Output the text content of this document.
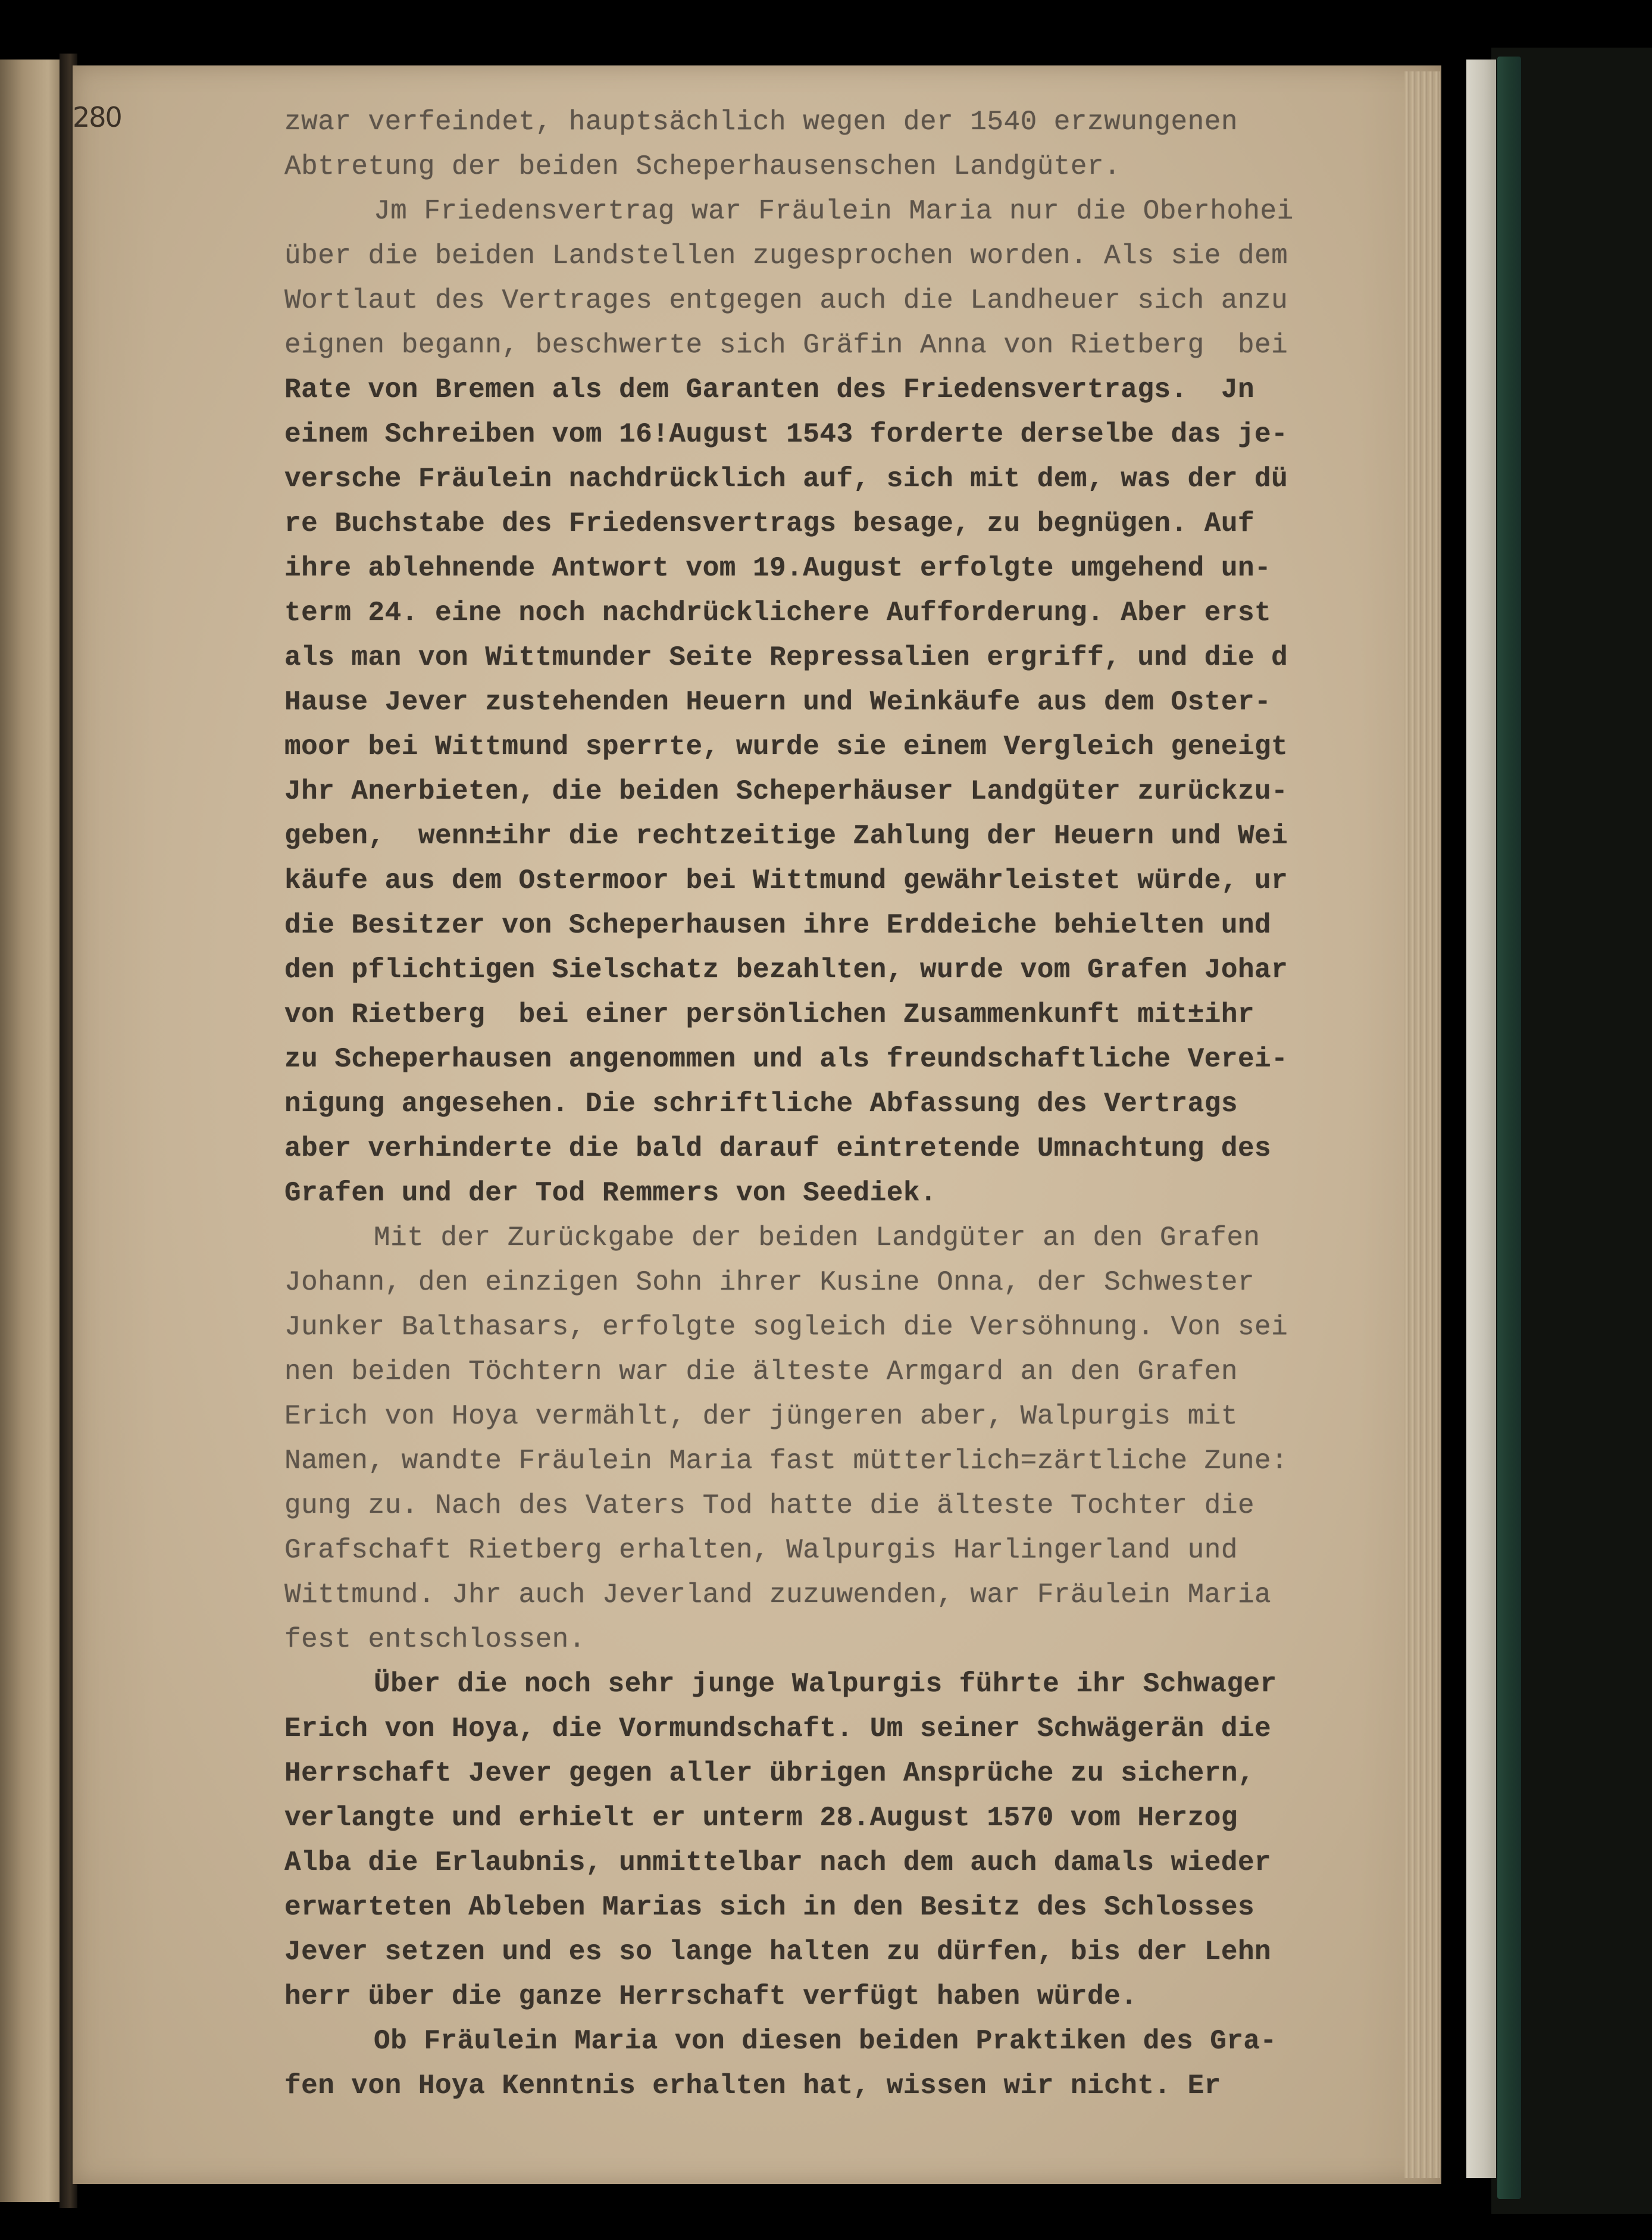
280	zwar verfeindet, hauptsächlich wegen der 1540 erzwungenen
Abtretung der beiden Scheperhausenschen Landgüter.
Jm Friedensvertrag war Fräulein Maria nur die Oberhohei
über die beiden Landstellen zugesprochen worden. Als sie dem
Wortlaut des Vertrages entgegen auch die Landheuer sich anzu
eignen begann, beschwerte sich Gräfin Anna von Rietberg  bei
Rate von Bremen als dem Garanten des Friedensvertrags.  Jn
einem Schreiben vom 16!August 1543 forderte derselbe das je-
versche Fräulein nachdrücklich auf, sich mit dem, was der dü
re Buchstabe des Friedensvertrags besage, zu begnügen. Auf
ihre ablehnende Antwort vom 19.August erfolgte umgehend un-
term 24. eine noch nachdrücklichere Aufforderung. Aber erst
als man von Wittmunder Seite Repressalien ergriff, und die d
Hause Jever zustehenden Heuern und Weinkäufe aus dem Oster-
moor bei Wittmund sperrte, wurde sie einem Vergleich geneigt
Jhr Anerbieten, die beiden Scheperhäuser Landgüter zurückzu-
geben,  wenn±ihr die rechtzeitige Zahlung der Heuern und Wei
käufe aus dem Ostermoor bei Wittmund gewährleistet würde, ur
die Besitzer von Scheperhausen ihre Erddeiche behielten und
den pflichtigen Sielschatz bezahlten, wurde vom Grafen Johar
von Rietberg  bei einer persönlichen Zusammenkunft mit±ihr
zu Scheperhausen angenommen und als freundschaftliche Verei-
nigung angesehen. Die schriftliche Abfassung des Vertrags
aber verhinderte die bald darauf eintretende Umnachtung des
Grafen und der Tod Remmers von Seediek.
Mit der Zurückgabe der beiden Landgüter an den Grafen
Johann, den einzigen Sohn ihrer Kusine Onna, der Schwester
Junker Balthasars, erfolgte sogleich die Versöhnung. Von sei
nen beiden Töchtern war die älteste Armgard an den Grafen
Erich von Hoya vermählt, der jüngeren aber, Walpurgis mit
Namen, wandte Fräulein Maria fast mütterlich=zärtliche Zune:
gung zu. Nach des Vaters Tod hatte die älteste Tochter die
Grafschaft Rietberg erhalten, Walpurgis Harlingerland und
Wittmund. Jhr auch Jeverland zuzuwenden, war Fräulein Maria
fest entschlossen.
Über die noch sehr junge Walpurgis führte ihr Schwager
Erich von Hoya, die Vormundschaft. Um seiner Schwägerän die
Herrschaft Jever gegen aller übrigen Ansprüche zu sichern,
verlangte und erhielt er unterm 28.August 1570 vom Herzog
Alba die Erlaubnis, unmittelbar nach dem auch damals wieder
erwarteten Ableben Marias sich in den Besitz des Schlosses
Jever setzen und es so lange halten zu dürfen, bis der Lehn
herr über die ganze Herrschaft verfügt haben würde.
Ob Fräulein Maria von diesen beiden Praktiken des Gra-
fen von Hoya Kenntnis erhalten hat, wissen wir nicht. Er
